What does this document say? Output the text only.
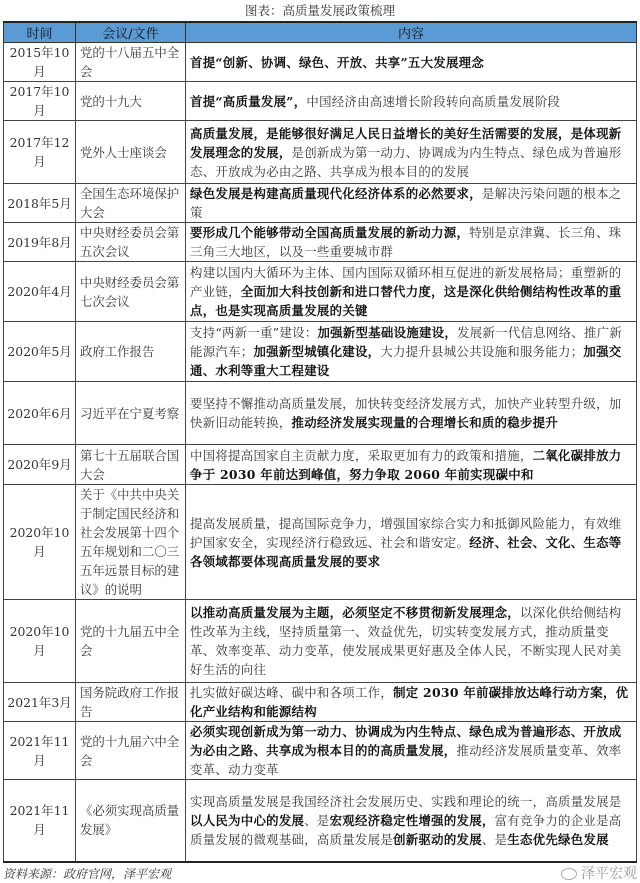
图表：高质量发展政策梳理
时间	会议/文件	内容
2015年10月	党的十八届五中全会	首提“创新、协调、绿色、开放、共享”五大发展理念
2017年10月	党的十九大	首提“高质量发展”，中国经济由高速增长阶段转向高质量发展阶段
2017年12月	党外人士座谈会	高质量发展，是能够很好满足人民日益增长的美好生活需要的发展，是体现新发展理念的发展，是创新成为第一动力、协调成为内生特点、绿色成为普遍形态、开放成为必由之路、共享成为根本目的的发展
2018年5月	全国生态环境保护大会	绿色发展是构建高质量现代化经济体系的必然要求，是解决污染问题的根本之策
2019年8月	中央财经委员会第五次会议	要形成几个能够带动全国高质量发展的新动力源，特别是京津冀、长三角、珠三角三大地区，以及一些重要城市群
2020年4月	中央财经委员会第七次会议	构建以国内大循环为主体、国内国际双循环相互促进的新发展格局；重塑新的产业链，全面加大科技创新和进口替代力度，这是深化供给侧结构性改革的重点，也是实现高质量发展的关键
2020年5月	政府工作报告	支持“两新一重”建设：加强新型基础设施建设，发展新一代信息网络、推广新能源汽车；加强新型城镇化建设，大力提升县城公共设施和服务能力；加强交通、水利等重大工程建设
2020年6月	习近平在宁夏考察	要坚持不懈推动高质量发展，加快转变经济发展方式，加快产业转型升级，加快新旧动能转换，推动经济发展实现量的合理增长和质的稳步提升
2020年9月	第七十五届联合国大会	中国将提高国家自主贡献力度，采取更加有力的政策和措施，二氧化碳排放力争于 2030 年前达到峰值，努力争取 2060 年前实现碳中和
2020年10月	关于《中共中央关于制定国民经济和社会发展第十四个五年规划和二〇三五年远景目标的建议》的说明	提高发展质量，提高国际竞争力，增强国家综合实力和抵御风险能力，有效维护国家安全，实现经济行稳致远、社会和谐安定。经济、社会、文化、生态等各领域都要体现高质量发展的要求
2020年10月	党的十九届五中全会	以推动高质量发展为主题，必须坚定不移贯彻新发展理念，以深化供给侧结构性改革为主线，坚持质量第一、效益优先，切实转变发展方式，推动质量变革、效率变革、动力变革，使发展成果更好惠及全体人民，不断实现人民对美好生活的向往
2021年3月	国务院政府工作报告	扎实做好碳达峰、碳中和各项工作，制定 2030 年前碳排放达峰行动方案，优化产业结构和能源结构
2021年11月	党的十九届六中全会	必须实现创新成为第一动力、协调成为内生特点、绿色成为普遍形态、开放成为必由之路、共享成为根本目的的高质量发展，推动经济发展质量变革、效率变革、动力变革
2021年11月	《必须实现高质量发展》	实现高质量发展是我国经济社会发展历史、实践和理论的统一，高质量发展是以人民为中心的发展、是宏观经济稳定性增强的发展，富有竞争力的企业是高质量发展的微观基础，高质量发展是创新驱动的发展、是生态优先绿色发展
资料来源：政府官网，泽平宏观	泽平宏观
